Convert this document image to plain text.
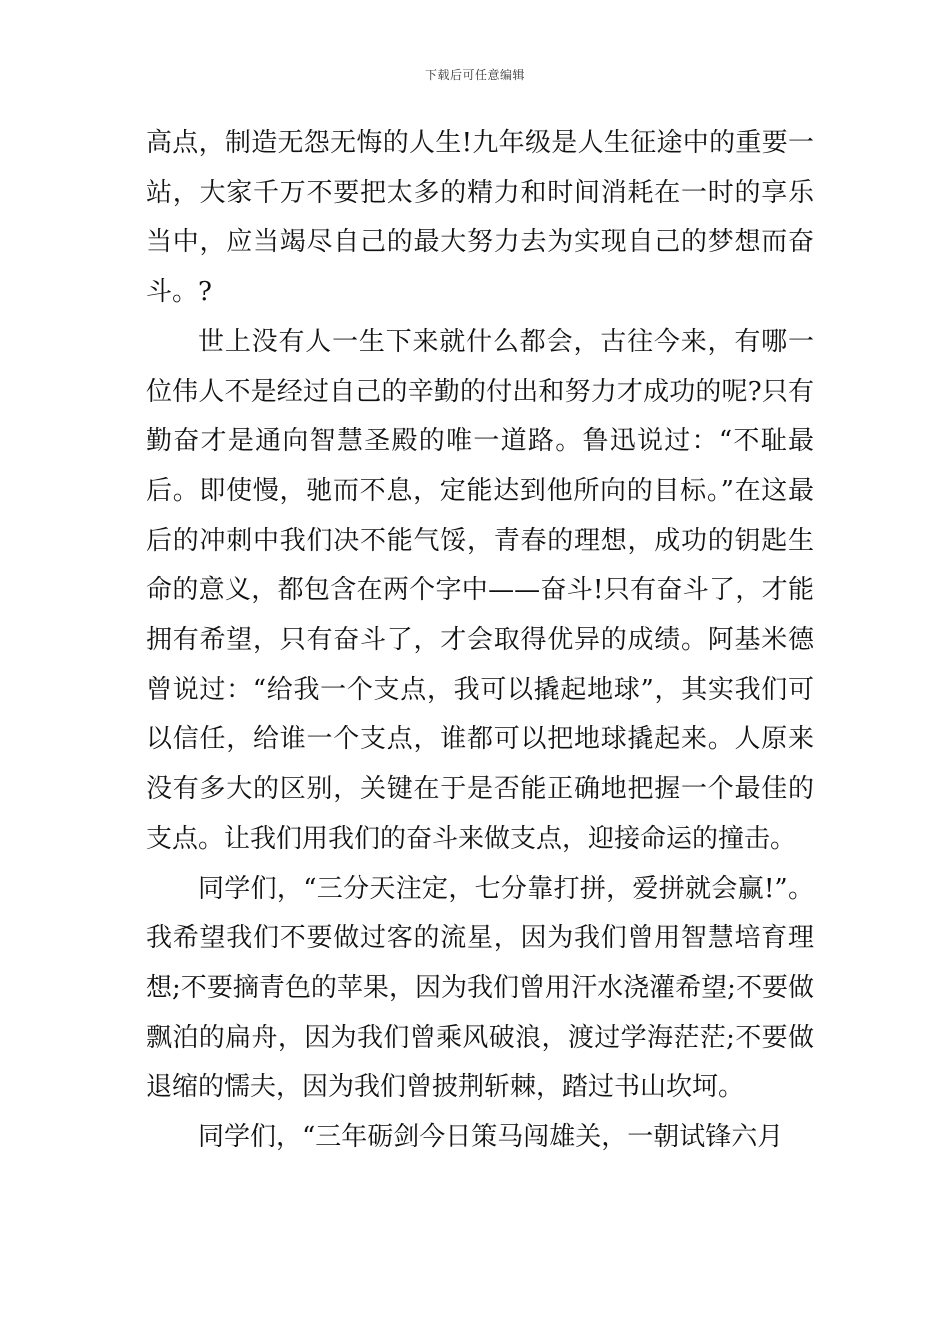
下载后可任意编辑

高点，制造无怨无悔的人生!九年级是人生征途中的重要一站，大家千万不要把太多的精力和时间消耗在一时的享乐当中，应当竭尽自己的最大努力去为实现自己的梦想而奋斗。?

世上没有人一生下来就什么都会，古往今来，有哪一位伟人不是经过自己的辛勤的付出和努力才成功的呢?只有勤奋才是通向智慧圣殿的唯一道路。鲁迅说过：“不耻最后。即使慢，驰而不息，定能达到他所向的目标。”在这最后的冲刺中我们决不能气馁，青春的理想，成功的钥匙生命的意义，都包含在两个字中——奋斗!只有奋斗了，才能拥有希望，只有奋斗了，才会取得优异的成绩。阿基米德曾说过：“给我一个支点，我可以撬起地球”，其实我们可以信任，给谁一个支点，谁都可以把地球撬起来。人原来没有多大的区别，关键在于是否能正确地把握一个最佳的支点。让我们用我们的奋斗来做支点，迎接命运的撞击。

同学们，“三分天注定，七分靠打拼，爱拼就会赢!”。我希望我们不要做过客的流星，因为我们曾用智慧培育理想;不要摘青色的苹果，因为我们曾用汗水浇灌希望;不要做飘泊的扁舟，因为我们曾乘风破浪，渡过学海茫茫;不要做退缩的懦夫，因为我们曾披荆斩棘，踏过书山坎坷。

同学们，“三年砺剑今日策马闯雄关，一朝试锋六月
